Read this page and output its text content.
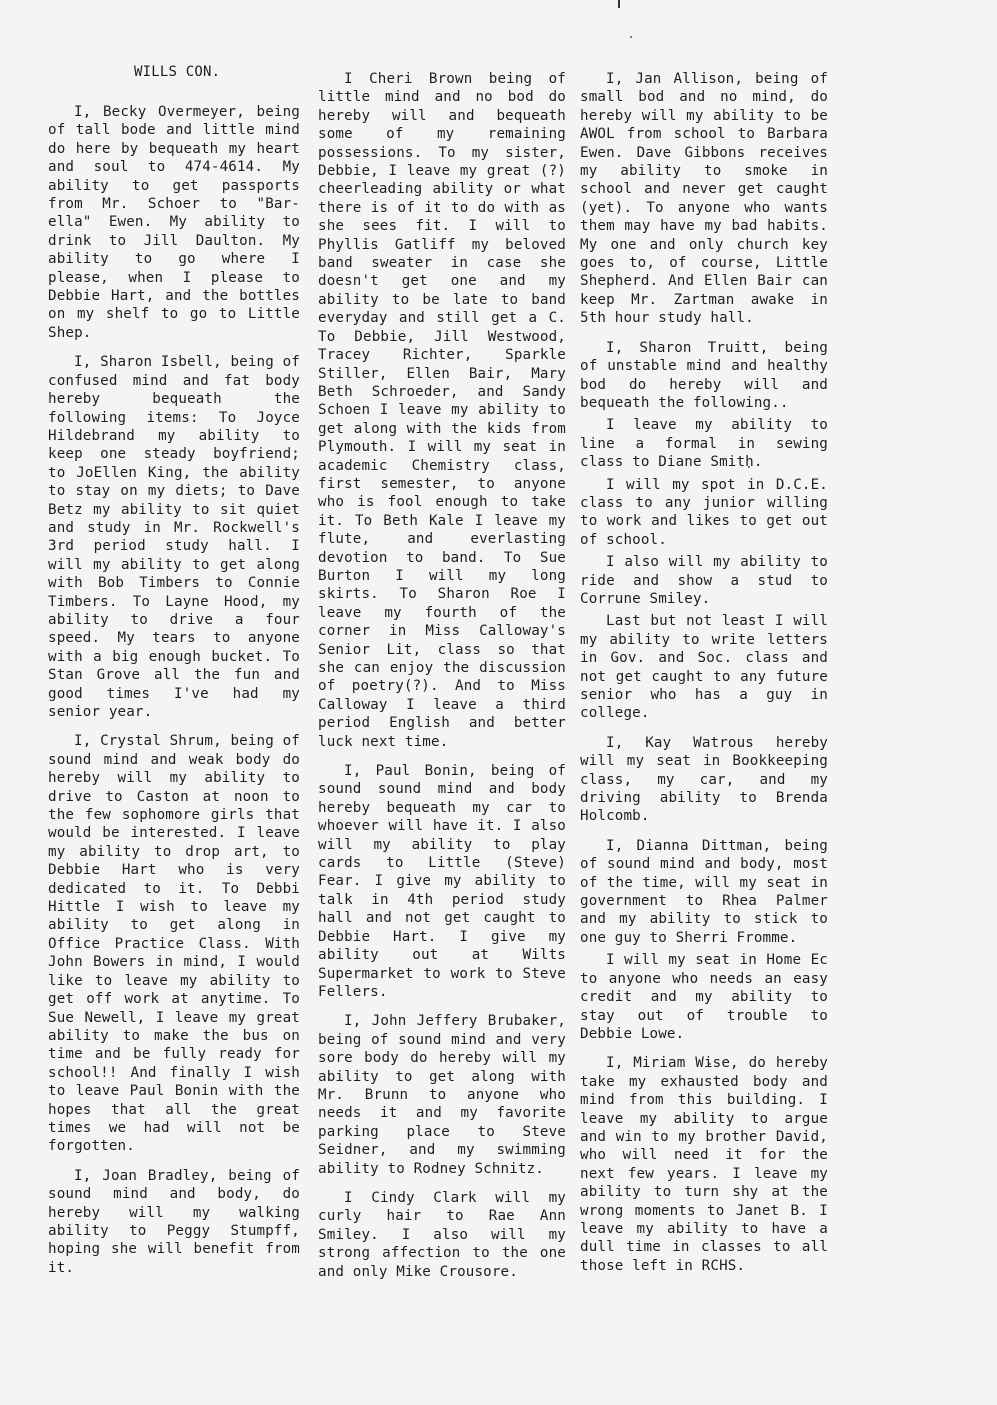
WILLS CON.

I, Becky Overmeyer, being of tall bode and little mind do here by bequeath my heart and soul to 474-4614. My ability to get passports from Mr. Schoer to "Bar-ella" Ewen. My ability to drink to Jill Daulton. My ability to go where I please, when I please to Debbie Hart, and the bottles on my shelf to go to Little Shep.

I, Sharon Isbell, being of confused mind and fat body hereby bequeath the following items: To Joyce Hildebrand my ability to keep one steady boyfriend; to JoEllen King, the ability to stay on my diets; to Dave Betz my ability to sit quiet and study in Mr. Rockwell's 3rd period study hall. I will my ability to get along with Bob Timbers to Connie Timbers. To Layne Hood, my ability to drive a four speed. My tears to anyone with a big enough bucket. To Stan Grove all the fun and good times I've had my senior year.

I, Crystal Shrum, being of sound mind and weak body do hereby will my ability to drive to Caston at noon to the few sophomore girls that would be interested. I leave my ability to drop art, to Debbie Hart who is very dedicated to it. To Debbi Hittle I wish to leave my ability to get along in Office Practice Class. With John Bowers in mind, I would like to leave my ability to get off work at anytime. To Sue Newell, I leave my great ability to make the bus on time and be fully ready for school!! And finally I wish to leave Paul Bonin with the hopes that all the great times we had will not be forgotten.

I, Joan Bradley, being of sound mind and body, do hereby will my walking ability to Peggy Stumpff, hoping she will benefit from it.

I Cheri Brown being of little mind and no bod do hereby will and bequeath some of my remaining possessions. To my sister, Debbie, I leave my great (?) cheerleading ability or what there is of it to do with as she sees fit. I will to Phyllis Gatliff my beloved band sweater in case she doesn't get one and my ability to be late to band everyday and still get a C. To Debbie, Jill Westwood, Tracey Richter, Sparkle Stiller, Ellen Bair, Mary Beth Schroeder, and Sandy Schoen I leave my ability to get along with the kids from Plymouth. I will my seat in academic Chemistry class, first semester, to anyone who is fool enough to take it. To Beth Kale I leave my flute, and everlasting devotion to band. To Sue Burton I will my long skirts. To Sharon Roe I leave my fourth of the corner in Miss Calloway's Senior Lit, class so that she can enjoy the discussion of poetry(?). And to Miss Calloway I leave a third period English and better luck next time.

I, Paul Bonin, being of sound sound mind and body hereby bequeath my car to whoever will have it. I also will my ability to play cards to Little (Steve) Fear. I give my ability to talk in 4th period study hall and not get caught to Debbie Hart. I give my ability out at Wilts Supermarket to work to Steve Fellers.

I, John Jeffery Brubaker, being of sound mind and very sore body do hereby will my ability to get along with Mr. Brunn to anyone who needs it and my favorite parking place to Steve Seidner, and my swimming ability to Rodney Schnitz.

I Cindy Clark will my curly hair to Rae Ann Smiley. I also will my strong affection to the one and only Mike Crousore.

I, Jan Allison, being of small bod and no mind, do hereby will my ability to be AWOL from school to Barbara Ewen. Dave Gibbons receives my ability to smoke in school and never get caught (yet). To anyone who wants them may have my bad habits. My one and only church key goes to, of course, Little Shepherd. And Ellen Bair can keep Mr. Zartman awake in 5th hour study hall.

I, Sharon Truitt, being of unstable mind and healthy bod do hereby will and bequeath the following..

I leave my ability to line a formal in sewing class to Diane Smith.

I will my spot in D.C.E. class to any junior willing to work and likes to get out of school.

I also will my ability to ride and show a stud to Corrune Smiley.

Last but not least I will my ability to write letters in Gov. and Soc. class and not get caught to any future senior who has a guy in college.

I, Kay Watrous hereby will my seat in Bookkeeping class, my car, and my driving ability to Brenda Holcomb.

I, Dianna Dittman, being of sound mind and body, most of the time, will my seat in government to Rhea Palmer and my ability to stick to one guy to Sherri Fromme.

I will my seat in Home Ec to anyone who needs an easy credit and my ability to stay out of trouble to Debbie Lowe.

I, Miriam Wise, do hereby take my exhausted body and mind from this building. I leave my ability to argue and win to my brother David, who will need it for the next few years. I leave my ability to turn shy at the wrong moments to Janet B. I leave my ability to have a dull time in classes to all those left in RCHS.
